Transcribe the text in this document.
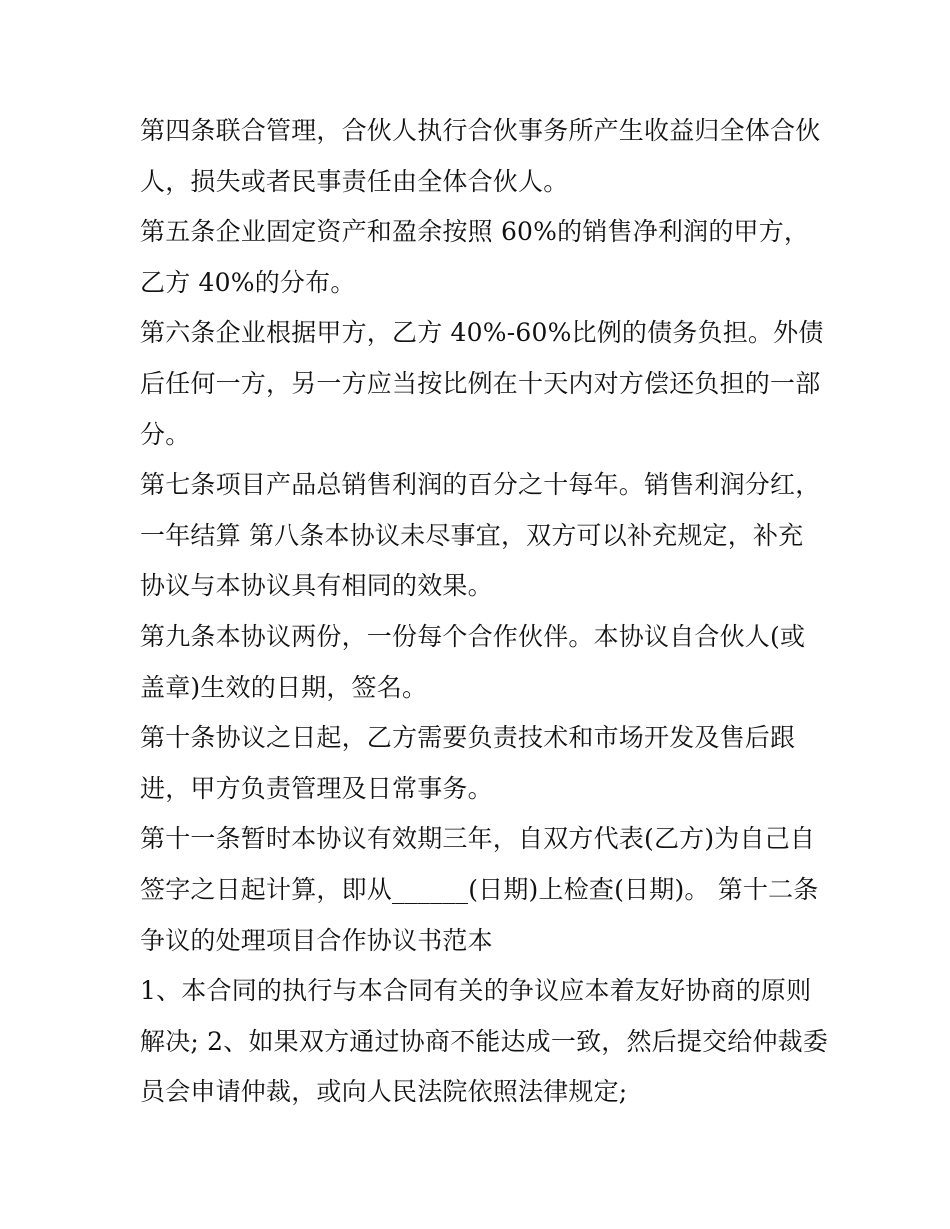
第四条联合管理，合伙人执行合伙事务所产生收益归全体合伙
人，损失或者民事责任由全体合伙人。
第五条企业固定资产和盈余按照 60%的销售净利润的甲方，
乙方 40%的分布。
第六条企业根据甲方，乙方 40%-60%比例的债务负担。外债
后任何一方，另一方应当按比例在十天内对方偿还负担的一部
分。
第七条项目产品总销售利润的百分之十每年。销售利润分红，
一年结算 第八条本协议未尽事宜，双方可以补充规定，补充
协议与本协议具有相同的效果。
第九条本协议两份，一份每个合作伙伴。本协议自合伙人(或
盖章)生效的日期，签名。
第十条协议之日起，乙方需要负责技术和市场开发及售后跟
进，甲方负责管理及日常事务。
第十一条暂时本协议有效期三年，自双方代表(乙方)为自己自
签字之日起计算，即从______(日期)上检查(日期)。 第十二条
争议的处理项目合作协议书范本
1、本合同的执行与本合同有关的争议应本着友好协商的原则
解决; 2、如果双方通过协商不能达成一致，然后提交给仲裁委
员会申请仲裁，或向人民法院依照法律规定;
